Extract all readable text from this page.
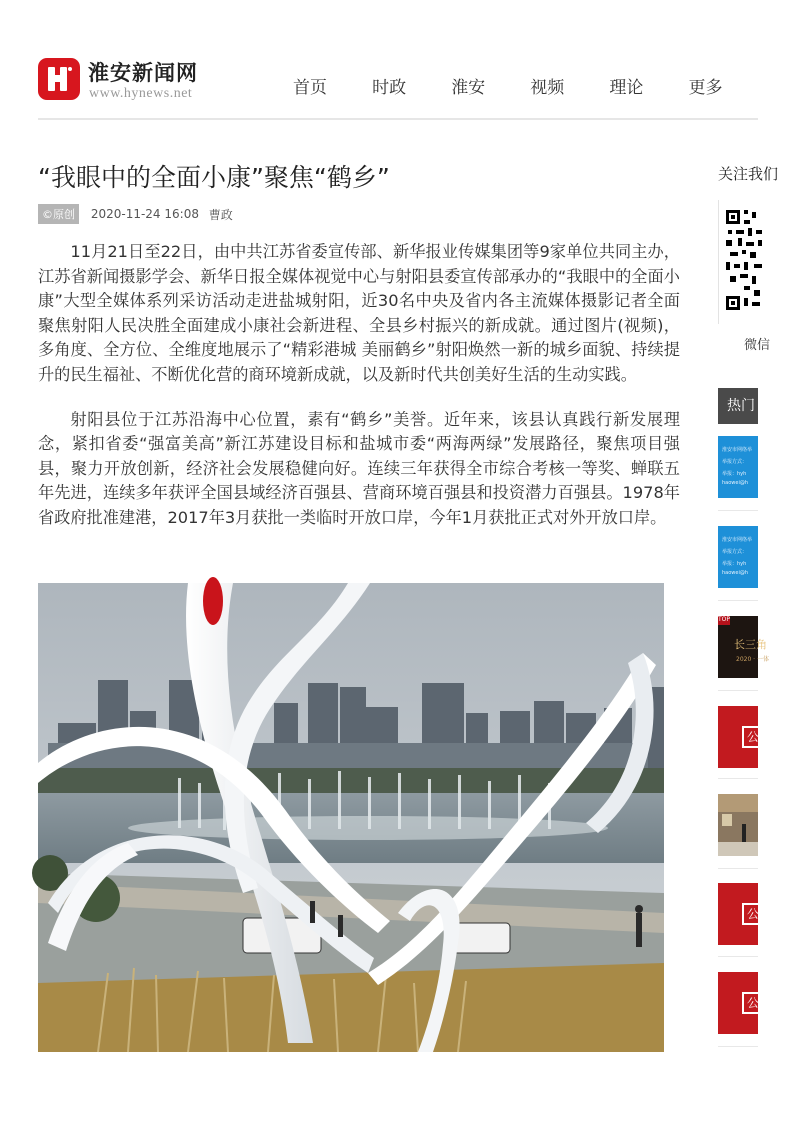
淮安新闻网
www.hynews.net	首页	时政	淮安	视频	理论	更多
“我眼中的全面小康”聚焦“鹤乡”
©原创 2020-11-24 16:08 曹政

11月21日至22日，由中共江苏省委宣传部、新华报业传媒集团等9家单位共同主办，江苏省新闻摄影学会、新华日报全媒体视觉中心与射阳县委宣传部承办的“我眼中的全面小康”大型全媒体系列采访活动走进盐城射阳，近30名中央及省内各主流媒体摄影记者全面聚焦射阳人民决胜全面建成小康社会新进程、全县乡村振兴的新成就。通过图片(视频)，多角度、全方位、全维度地展示了“精彩港城 美丽鹤乡”射阳焕然一新的城乡面貌、持续提升的民生福祉、不断优化营的商环境新成就，以及新时代共创美好生活的生动实践。

射阳县位于江苏沿海中心位置，素有“鹤乡”美誉。近年来，该县认真践行新发展理念，紧扣省委“强富美高”新江苏建设目标和盐城市委“两海两绿”发展路径，聚焦项目强县，聚力开放创新，经济社会发展稳健向好。连续三年获得全市综合考核一等奖、蝉联五年先进，连续多年获评全国县域经济百强县、营商环境百强县和投资潜力百强县。1978年省政府批准建港，2017年3月获批一类临时开放口岸，今年1月获批正式对外开放口岸。

关注我们
微信
热门
淮安市网络举
举报方式：
举报：hyh
haowei@h
淮安市网络举
举报方式：
举报：hyh
haowei@h
TOP
长三角
2020 · 一体
公
公
公
